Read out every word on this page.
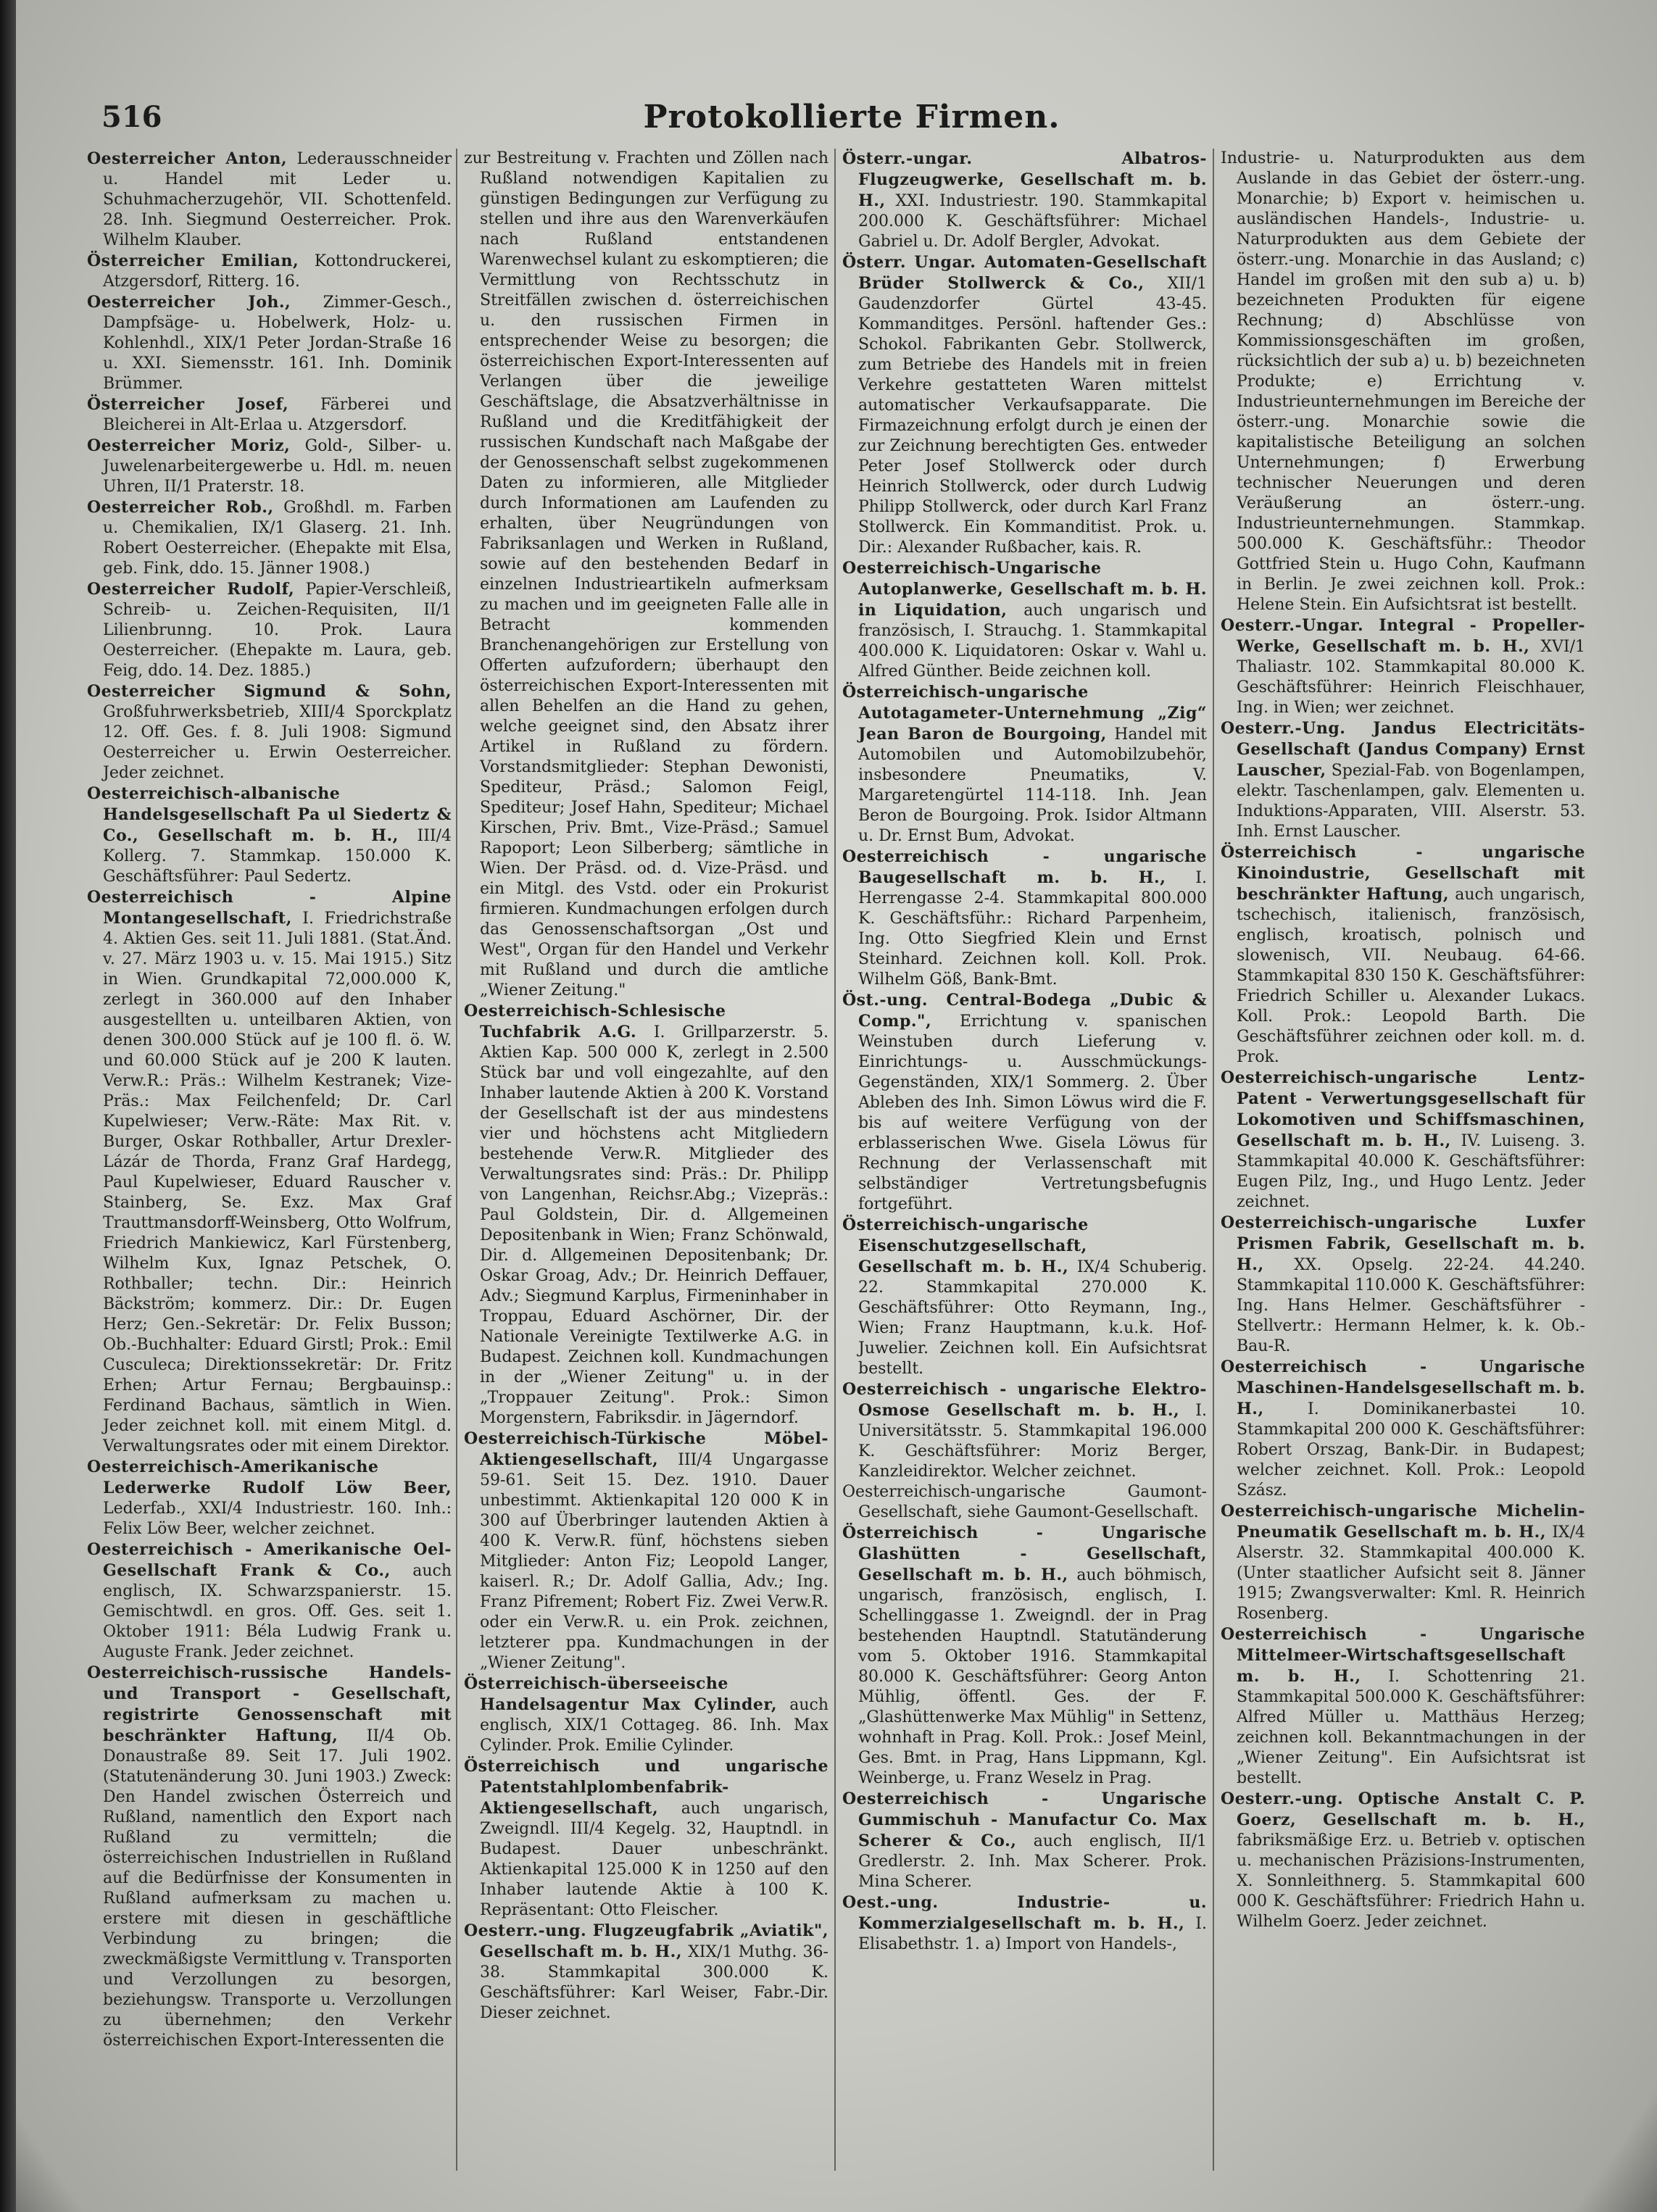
516	Protokollierte Firmen.

Oesterreicher Anton, Lederausschneider u. Handel mit Leder u. Schuhmacherzugehör, VII. Schottenfeld. 28. Inh. Siegmund Oesterreicher. Prok. Wilhelm Klauber.

Österreicher Emilian, Kottondruckerei, Atzgersdorf, Ritterg. 16.

Oesterreicher Joh., Zimmer-Gesch., Dampfsäge- u. Hobelwerk, Holz- u. Kohlenhdl., XIX/1 Peter Jordan-Straße 16 u. XXI. Siemensstr. 161. Inh. Dominik Brümmer.

Österreicher Josef, Färberei und Bleicherei in Alt-Erlaa u. Atzgersdorf.

Oesterreicher Moriz, Gold-, Silber- u. Juwelenarbeitergewerbe u. Hdl. m. neuen Uhren, II/1 Praterstr. 18.

Oesterreicher Rob., Großhdl. m. Farben u. Chemikalien, IX/1 Glaserg. 21. Inh. Robert Oesterreicher. (Ehepakte mit Elsa, geb. Fink, ddo. 15. Jänner 1908.)

Oesterreicher Rudolf, Papier-Verschleiß, Schreib- u. Zeichen-Requisiten, II/1 Lilienbrunng. 10. Prok. Laura Oesterreicher. (Ehepakte m. Laura, geb. Feig, ddo. 14. Dez. 1885.)

Oesterreicher Sigmund & Sohn, Großfuhrwerksbetrieb, XIII/4 Sporckplatz 12. Off. Ges. f. 8. Juli 1908: Sigmund Oesterreicher u. Erwin Oesterreicher. Jeder zeichnet.

Oesterreichisch-albanische Handelsgesellschaft Pa ul Siedertz & Co., Gesellschaft m. b. H., III/4 Kollerg. 7. Stammkap. 150.000 K. Geschäftsführer: Paul Sedertz.

Oesterreichisch - Alpine Montangesellschaft, I. Friedrichstraße 4. Aktien Ges. seit 11. Juli 1881. (Stat.Änd. v. 27. März 1903 u. v. 15. Mai 1915.) Sitz in Wien. Grundkapital 72,000.000 K, zerlegt in 360.000 auf den Inhaber ausgestellten u. unteilbaren Aktien, von denen 300.000 Stück auf je 100 fl. ö. W. und 60.000 Stück auf je 200 K lauten. Verw.R.: Präs.: Wilhelm Kestranek; Vize-Präs.: Max Feilchenfeld; Dr. Carl Kupelwieser; Verw.-Räte: Max Rit. v. Burger, Oskar Rothballer, Artur Drexler-Lázár de Thorda, Franz Graf Hardegg, Paul Kupelwieser, Eduard Rauscher v. Stainberg, Se. Exz. Max Graf Trauttmansdorff-Weinsberg, Otto Wolfrum, Friedrich Mankiewicz, Karl Fürstenberg, Wilhelm Kux, Ignaz Petschek, O. Rothballer; techn. Dir.: Heinrich Bäckström; kommerz. Dir.: Dr. Eugen Herz; Gen.-Sekretär: Dr. Felix Busson; Ob.-Buchhalter: Eduard Girstl; Prok.: Emil Cusculeca; Direktionssekretär: Dr. Fritz Erhen; Artur Fernau; Bergbauinsp.: Ferdinand Bachaus, sämtlich in Wien. Jeder zeichnet koll. mit einem Mitgl. d. Verwaltungsrates oder mit einem Direktor.

Oesterreichisch-Amerikanische Lederwerke Rudolf Löw Beer, Lederfab., XXI/4 Industriestr. 160. Inh.: Felix Löw Beer, welcher zeichnet.

Oesterreichisch - Amerikanische Oel-Gesellschaft Frank & Co., auch englisch, IX. Schwarzspanierstr. 15. Gemischtwdl. en gros. Off. Ges. seit 1. Oktober 1911: Béla Ludwig Frank u. Auguste Frank. Jeder zeichnet.

Oesterreichisch-russische Handels- und Transport - Gesellschaft, registrirte Genossenschaft mit beschränkter Haftung, II/4 Ob. Donaustraße 89. Seit 17. Juli 1902. (Statutenänderung 30. Juni 1903.) Zweck: Den Handel zwischen Österreich und Rußland, namentlich den Export nach Rußland zu vermitteln; die österreichischen Industriellen in Rußland auf die Bedürfnisse der Konsumenten in Rußland aufmerksam zu machen u. erstere mit diesen in geschäftliche Verbindung zu bringen; die zweckmäßigste Vermittlung v. Transporten und Verzollungen zu besorgen, beziehungsw. Transporte u. Verzollungen zu übernehmen; den Verkehr österreichischen Export-Interessenten die

zur Bestreitung v. Frachten und Zöllen nach Rußland notwendigen Kapitalien zu günstigen Bedingungen zur Verfügung zu stellen und ihre aus den Warenverkäufen nach Rußland entstandenen Warenwechsel kulant zu eskomptieren; die Vermittlung von Rechtsschutz in Streitfällen zwischen d. österreichischen u. den russischen Firmen in entsprechender Weise zu besorgen; die österreichischen Export-Interessenten auf Verlangen über die jeweilige Geschäftslage, die Absatzverhältnisse in Rußland und die Kreditfähigkeit der russischen Kundschaft nach Maßgabe der der Genossenschaft selbst zugekommenen Daten zu informieren, alle Mitglieder durch Informationen am Laufenden zu erhalten, über Neugründungen von Fabriksanlagen und Werken in Rußland, sowie auf den bestehenden Bedarf in einzelnen Industrieartikeln aufmerksam zu machen und im geeigneten Falle alle in Betracht kommenden Branchenangehörigen zur Erstellung von Offerten aufzufordern; überhaupt den österreichischen Export-Interessenten mit allen Behelfen an die Hand zu gehen, welche geeignet sind, den Absatz ihrer Artikel in Rußland zu fördern. Vorstandsmitglieder: Stephan Dewonisti, Spediteur, Präsd.; Salomon Feigl, Spediteur; Josef Hahn, Spediteur; Michael Kirschen, Priv. Bmt., Vize-Präsd.; Samuel Rapoport; Leon Silberberg; sämtliche in Wien. Der Präsd. od. d. Vize-Präsd. und ein Mitgl. des Vstd. oder ein Prokurist firmieren. Kundmachungen erfolgen durch das Genossenschaftsorgan „Ost und West", Organ für den Handel und Verkehr mit Rußland und durch die amtliche „Wiener Zeitung."

Oesterreichisch-Schlesische Tuchfabrik A.G. I. Grillparzerstr. 5. Aktien Kap. 500 000 K, zerlegt in 2.500 Stück bar und voll eingezahlte, auf den Inhaber lautende Aktien à 200 K. Vorstand der Gesellschaft ist der aus mindestens vier und höchstens acht Mitgliedern bestehende Verw.R. Mitglieder des Verwaltungsrates sind: Präs.: Dr. Philipp von Langenhan, Reichsr.Abg.; Vizepräs.: Paul Goldstein, Dir. d. Allgemeinen Depositenbank in Wien; Franz Schönwald, Dir. d. Allgemeinen Depositenbank; Dr. Oskar Groag, Adv.; Dr. Heinrich Deffauer, Adv.; Siegmund Karplus, Firmeninhaber in Troppau, Eduard Aschörner, Dir. der Nationale Vereinigte Textilwerke A.G. in Budapest. Zeichnen koll. Kundmachungen in der „Wiener Zeitung" u. in der „Troppauer Zeitung". Prok.: Simon Morgenstern, Fabriksdir. in Jägerndorf.

Oesterreichisch-Türkische Möbel-Aktiengesellschaft, III/4 Ungargasse 59-61. Seit 15. Dez. 1910. Dauer unbestimmt. Aktienkapital 120 000 K in 300 auf Überbringer lautenden Aktien à 400 K. Verw.R. fünf, höchstens sieben Mitglieder: Anton Fiz; Leopold Langer, kaiserl. R.; Dr. Adolf Gallia, Adv.; Ing. Franz Pifrement; Robert Fiz. Zwei Verw.R. oder ein Verw.R. u. ein Prok. zeichnen, letzterer ppa. Kundmachungen in der „Wiener Zeitung".

Österreichisch-überseeische Handelsagentur Max Cylinder, auch englisch, XIX/1 Cottageg. 86. Inh. Max Cylinder. Prok. Emilie Cylinder.

Österreichisch und ungarische Patentstahlplombenfabrik-Aktiengesellschaft, auch ungarisch, Zweigndl. III/4 Kegelg. 32, Hauptndl. in Budapest. Dauer unbeschränkt. Aktienkapital 125.000 K in 1250 auf den Inhaber lautende Aktie à 100 K. Repräsentant: Otto Fleischer.

Oesterr.-ung. Flugzeugfabrik „Aviatik", Gesellschaft m. b. H., XIX/1 Muthg. 36-38. Stammkapital 300.000 K. Geschäftsführer: Karl Weiser, Fabr.-Dir. Dieser zeichnet.

Österr.-ungar. Albatros-Flugzeugwerke, Gesellschaft m. b. H., XXI. Industriestr. 190. Stammkapital 200.000 K. Geschäftsführer: Michael Gabriel u. Dr. Adolf Bergler, Advokat.

Österr. Ungar. Automaten-Gesellschaft Brüder Stollwerck & Co., XII/1 Gaudenzdorfer Gürtel 43-45. Kommanditges. Persönl. haftender Ges.: Schokol. Fabrikanten Gebr. Stollwerck, zum Betriebe des Handels mit in freien Verkehre gestatteten Waren mittelst automatischer Verkaufsapparate. Die Firmazeichnung erfolgt durch je einen der zur Zeichnung berechtigten Ges. entweder Peter Josef Stollwerck oder durch Heinrich Stollwerck, oder durch Ludwig Philipp Stollwerck, oder durch Karl Franz Stollwerck. Ein Kommanditist. Prok. u. Dir.: Alexander Rußbacher, kais. R.

Oesterreichisch-Ungarische Autoplanwerke, Gesellschaft m. b. H. in Liquidation, auch ungarisch und französisch, I. Strauchg. 1. Stammkapital 400.000 K. Liquidatoren: Oskar v. Wahl u. Alfred Günther. Beide zeichnen koll.

Österreichisch-ungarische Autotagameter-Unternehmung „Zig“ Jean Baron de Bourgoing, Handel mit Automobilen und Automobilzubehör, insbesondere Pneumatiks, V. Margaretengürtel 114-118. Inh. Jean Beron de Bourgoing. Prok. Isidor Altmann u. Dr. Ernst Bum, Advokat.

Oesterreichisch - ungarische Baugesellschaft m. b. H., I. Herrengasse 2-4. Stammkapital 800.000 K. Geschäftsführ.: Richard Parpenheim, Ing. Otto Siegfried Klein und Ernst Steinhard. Zeichnen koll. Koll. Prok. Wilhelm Göß, Bank-Bmt.

Öst.-ung. Central-Bodega „Dubic & Comp.", Errichtung v. spanischen Weinstuben durch Lieferung v. Einrichtungs- u. Ausschmückungs-Gegenständen, XIX/1 Sommerg. 2. Über Ableben des Inh. Simon Löwus wird die F. bis auf weitere Verfügung von der erblasserischen Wwe. Gisela Löwus für Rechnung der Verlassenschaft mit selbständiger Vertretungsbefugnis fortgeführt.

Österreichisch-ungarische Eisenschutzgesellschaft, Gesellschaft m. b. H., IX/4 Schuberig. 22. Stammkapital 270.000 K. Geschäftsführer: Otto Reymann, Ing., Wien; Franz Hauptmann, k.u.k. Hof-Juwelier. Zeichnen koll. Ein Aufsichtsrat bestellt.

Oesterreichisch - ungarische Elektro-Osmose Gesellschaft m. b. H., I. Universitätsstr. 5. Stammkapital 196.000 K. Geschäftsführer: Moriz Berger, Kanzleidirektor. Welcher zeichnet.

Oesterreichisch-ungarische Gaumont-Gesellschaft, siehe Gaumont-Gesellschaft.

Österreichisch - Ungarische Glashütten - Gesellschaft, Gesellschaft m. b. H., auch böhmisch, ungarisch, französisch, englisch, I. Schellinggasse 1. Zweigndl. der in Prag bestehenden Hauptndl. Statutänderung vom 5. Oktober 1916. Stammkapital 80.000 K. Geschäftsführer: Georg Anton Mühlig, öffentl. Ges. der F. „Glashüttenwerke Max Mühlig" in Settenz, wohnhaft in Prag. Koll. Prok.: Josef Meinl, Ges. Bmt. in Prag, Hans Lippmann, Kgl. Weinberge, u. Franz Weselz in Prag.

Oesterreichisch - Ungarische Gummischuh - Manufactur Co. Max Scherer & Co., auch englisch, II/1 Gredlerstr. 2. Inh. Max Scherer. Prok. Mina Scherer.

Oest.-ung. Industrie- u. Kommerzialgesellschaft m. b. H., I. Elisabethstr. 1. a) Import von Handels-,

Industrie- u. Naturprodukten aus dem Auslande in das Gebiet der österr.-ung. Monarchie; b) Export v. heimischen u. ausländischen Handels-, Industrie- u. Naturprodukten aus dem Gebiete der österr.-ung. Monarchie in das Ausland; c) Handel im großen mit den sub a) u. b) bezeichneten Produkten für eigene Rechnung; d) Abschlüsse von Kommissionsgeschäften im großen, rücksichtlich der sub a) u. b) bezeichneten Produkte; e) Errichtung v. Industrieunternehmungen im Bereiche der österr.-ung. Monarchie sowie die kapitalistische Beteiligung an solchen Unternehmungen; f) Erwerbung technischer Neuerungen und deren Veräußerung an österr.-ung. Industrieunternehmungen. Stammkap. 500.000 K. Geschäftsführ.: Theodor Gottfried Stein u. Hugo Cohn, Kaufmann in Berlin. Je zwei zeichnen koll. Prok.: Helene Stein. Ein Aufsichtsrat ist bestellt.

Oesterr.-Ungar. Integral - Propeller-Werke, Gesellschaft m. b. H., XVI/1 Thaliastr. 102. Stammkapital 80.000 K. Geschäftsführer: Heinrich Fleischhauer, Ing. in Wien; wer zeichnet.

Oesterr.-Ung. Jandus Electricitäts-Gesellschaft (Jandus Company) Ernst Lauscher, Spezial-Fab. von Bogenlampen, elektr. Taschenlampen, galv. Elementen u. Induktions-Apparaten, VIII. Alserstr. 53. Inh. Ernst Lauscher.

Österreichisch - ungarische Kinoindustrie, Gesellschaft mit beschränkter Haftung, auch ungarisch, tschechisch, italienisch, französisch, englisch, kroatisch, polnisch und slowenisch, VII. Neubaug. 64-66. Stammkapital 830 150 K. Geschäftsführer: Friedrich Schiller u. Alexander Lukacs. Koll. Prok.: Leopold Barth. Die Geschäftsführer zeichnen oder koll. m. d. Prok.

Oesterreichisch-ungarische Lentz-Patent - Verwertungsgesellschaft für Lokomotiven und Schiffsmaschinen, Gesellschaft m. b. H., IV. Luiseng. 3. Stammkapital 40.000 K. Geschäftsführer: Eugen Pilz, Ing., und Hugo Lentz. Jeder zeichnet.

Oesterreichisch-ungarische Luxfer Prismen Fabrik, Gesellschaft m. b. H., XX. Opselg. 22-24. 44.240. Stammkapital 110.000 K. Geschäftsführer: Ing. Hans Helmer. Geschäftsführer - Stellvertr.: Hermann Helmer, k. k. Ob.-Bau-R.

Oesterreichisch - Ungarische Maschinen-Handelsgesellschaft m. b. H., I. Dominikanerbastei 10. Stammkapital 200 000 K. Geschäftsführer: Robert Orszag, Bank-Dir. in Budapest; welcher zeichnet. Koll. Prok.: Leopold Szász.

Oesterreichisch-ungarische Michelin-Pneumatik Gesellschaft m. b. H., IX/4 Alserstr. 32. Stammkapital 400.000 K. (Unter staatlicher Aufsicht seit 8. Jänner 1915; Zwangsverwalter: Kml. R. Heinrich Rosenberg.

Oesterreichisch - Ungarische Mittelmeer-Wirtschaftsgesellschaft m. b. H., I. Schottenring 21. Stammkapital 500.000 K. Geschäftsführer: Alfred Müller u. Matthäus Herzeg; zeichnen koll. Bekanntmachungen in der „Wiener Zeitung". Ein Aufsichtsrat ist bestellt.

Oesterr.-ung. Optische Anstalt C. P. Goerz, Gesellschaft m. b. H., fabriksmäßige Erz. u. Betrieb v. optischen u. mechanischen Präzisions-Instrumenten, X. Sonnleithnerg. 5. Stammkapital 600 000 K. Geschäftsführer: Friedrich Hahn u. Wilhelm Goerz. Jeder zeichnet.
